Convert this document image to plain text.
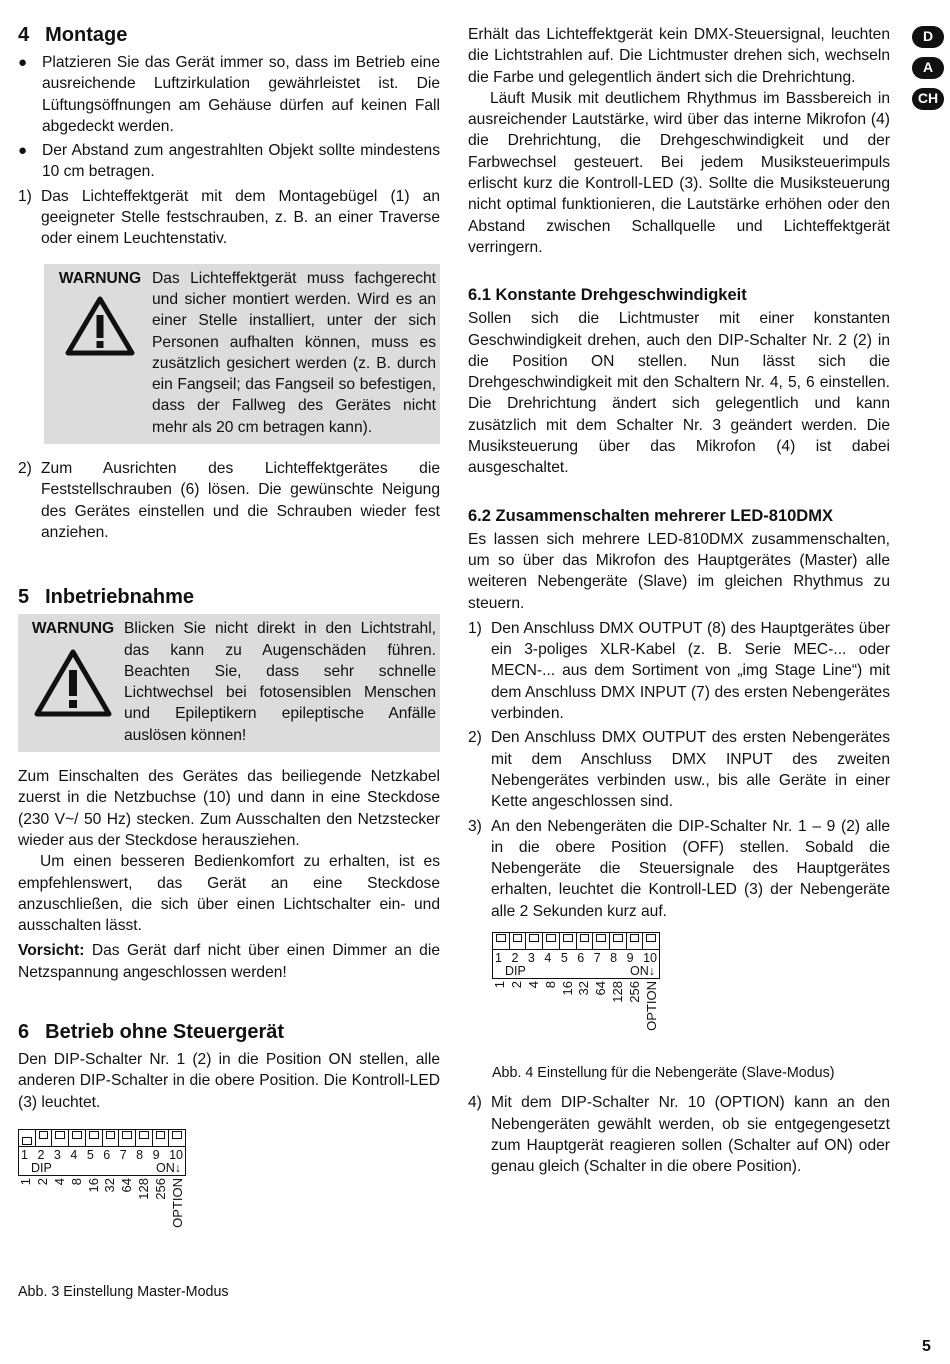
D
A
CH
4 Montage
● Platzieren Sie das Gerät immer so, dass im Betrieb eine ausreichende Luftzirkulation gewährleistet ist. Die Lüftungsöffnungen am Gehäuse dürfen auf keinen Fall abgedeckt werden.

● Der Abstand zum angestrahlten Objekt sollte mindestens 10 cm betragen.

1) Das Lichteffektgerät mit dem Montagebügel (1) an geeigneter Stelle festschrauben, z. B. an einer Traverse oder einem Leuchtenstativ.

WARNUNG Das Lichteffektgerät muss fachgerecht und sicher montiert werden. Wird es an einer Stelle installiert, unter der sich Personen aufhalten können, muss es zusätzlich gesichert werden (z. B. durch ein Fangseil; das Fangseil so befestigen, dass der Fallweg des Gerätes nicht mehr als 20 cm betragen kann).

2) Zum Ausrichten des Lichteffektgerätes die Feststellschrauben (6) lösen. Die gewünschte Neigung des Gerätes einstellen und die Schrauben wieder fest anziehen.

5 Inbetriebnahme
WARNUNG Blicken Sie nicht direkt in den Lichtstrahl, das kann zu Augenschäden führen. Beachten Sie, dass sehr schnelle Lichtwechsel bei fotosensiblen Menschen und Epileptikern epileptische Anfälle auslösen können!

Zum Einschalten des Gerätes das beiliegende Netzkabel zuerst in die Netzbuchse (10) und dann in eine Steckdose (230 V~/ 50 Hz) stecken. Zum Ausschalten den Netzstecker wieder aus der Steckdose herausziehen.

Um einen besseren Bedienkomfort zu erhalten, ist es empfehlenswert, das Gerät an eine Steckdose anzuschließen, die sich über einen Lichtschalter ein- und ausschalten lässt.

Vorsicht: Das Gerät darf nicht über einen Dimmer an die Netzspannung angeschlossen werden!

6 Betrieb ohne Steuergerät

Den DIP-Schalter Nr. 1 (2) in die Position ON stellen, alle anderen DIP-Schalter in die obere Position. Die Kontroll-LED (3) leuchtet.

1 2 3 4 5 6 7 8 9 10
DIP	ON↓
1 2 4 8 16 32 64 128 256 OPTION
Abb. 3 Einstellung Master-Modus

Erhält das Lichteffektgerät kein DMX-Steuersignal, leuchten die Lichtstrahlen auf. Die Lichtmuster drehen sich, wechseln die Farbe und gelegentlich ändert sich die Drehrichtung.

Läuft Musik mit deutlichem Rhythmus im Bassbereich in ausreichender Lautstärke, wird über das interne Mikrofon (4) die Drehrichtung, die Drehgeschwindigkeit und der Farbwechsel gesteuert. Bei jedem Musiksteuerimpuls erlischt kurz die Kontroll-LED (3). Sollte die Musiksteuerung nicht optimal funktionieren, die Lautstärke erhöhen oder den Abstand zwischen Schallquelle und Lichteffektgerät verringern.

6.1 Konstante Drehgeschwindigkeit

Sollen sich die Lichtmuster mit einer konstanten Geschwindigkeit drehen, auch den DIP-Schalter Nr. 2 (2) in die Position ON stellen. Nun lässt sich die Drehgeschwindigkeit mit den Schaltern Nr. 4, 5, 6 einstellen. Die Drehrichtung ändert sich gelegentlich und kann zusätzlich mit dem Schalter Nr. 3 geändert werden. Die Musiksteuerung über das Mikrofon (4) ist dabei ausgeschaltet.

6.2 Zusammenschalten mehrerer LED-810DMX

Es lassen sich mehrere LED-810DMX zusammenschalten, um so über das Mikrofon des Hauptgerätes (Master) alle weiteren Nebengeräte (Slave) im gleichen Rhythmus zu steuern.

1) Den Anschluss DMX OUTPUT (8) des Hauptgerätes über ein 3-poliges XLR-Kabel (z. B. Serie MEC-... oder MECN-... aus dem Sortiment von „img Stage Line“) mit dem Anschluss DMX INPUT (7) des ersten Nebengerätes verbinden.

2) Den Anschluss DMX OUTPUT des ersten Nebengerätes mit dem Anschluss DMX INPUT des zweiten Nebengerätes verbinden usw., bis alle Geräte in einer Kette angeschlossen sind.

3) An den Nebengeräten die DIP-Schalter Nr. 1 – 9 (2) alle in die obere Position (OFF) stellen. Sobald die Nebengeräte die Steuersignale des Hauptgerätes erhalten, leuchtet die Kontroll-LED (3) der Nebengeräte alle 2 Sekunden kurz auf.

1 2 3 4 5 6 7 8 9 10
DIP	ON↓
1 2 4 8 16 32 64 128 256 OPTION
Abb. 4 Einstellung für die Nebengeräte (Slave-Modus)
4) Mit dem DIP-Schalter Nr. 10 (OPTION) kann an den Nebengeräten gewählt werden, ob sie entgegengesetzt zum Hauptgerät reagieren sollen (Schalter auf ON) oder genau gleich (Schalter in die obere Position).

5
